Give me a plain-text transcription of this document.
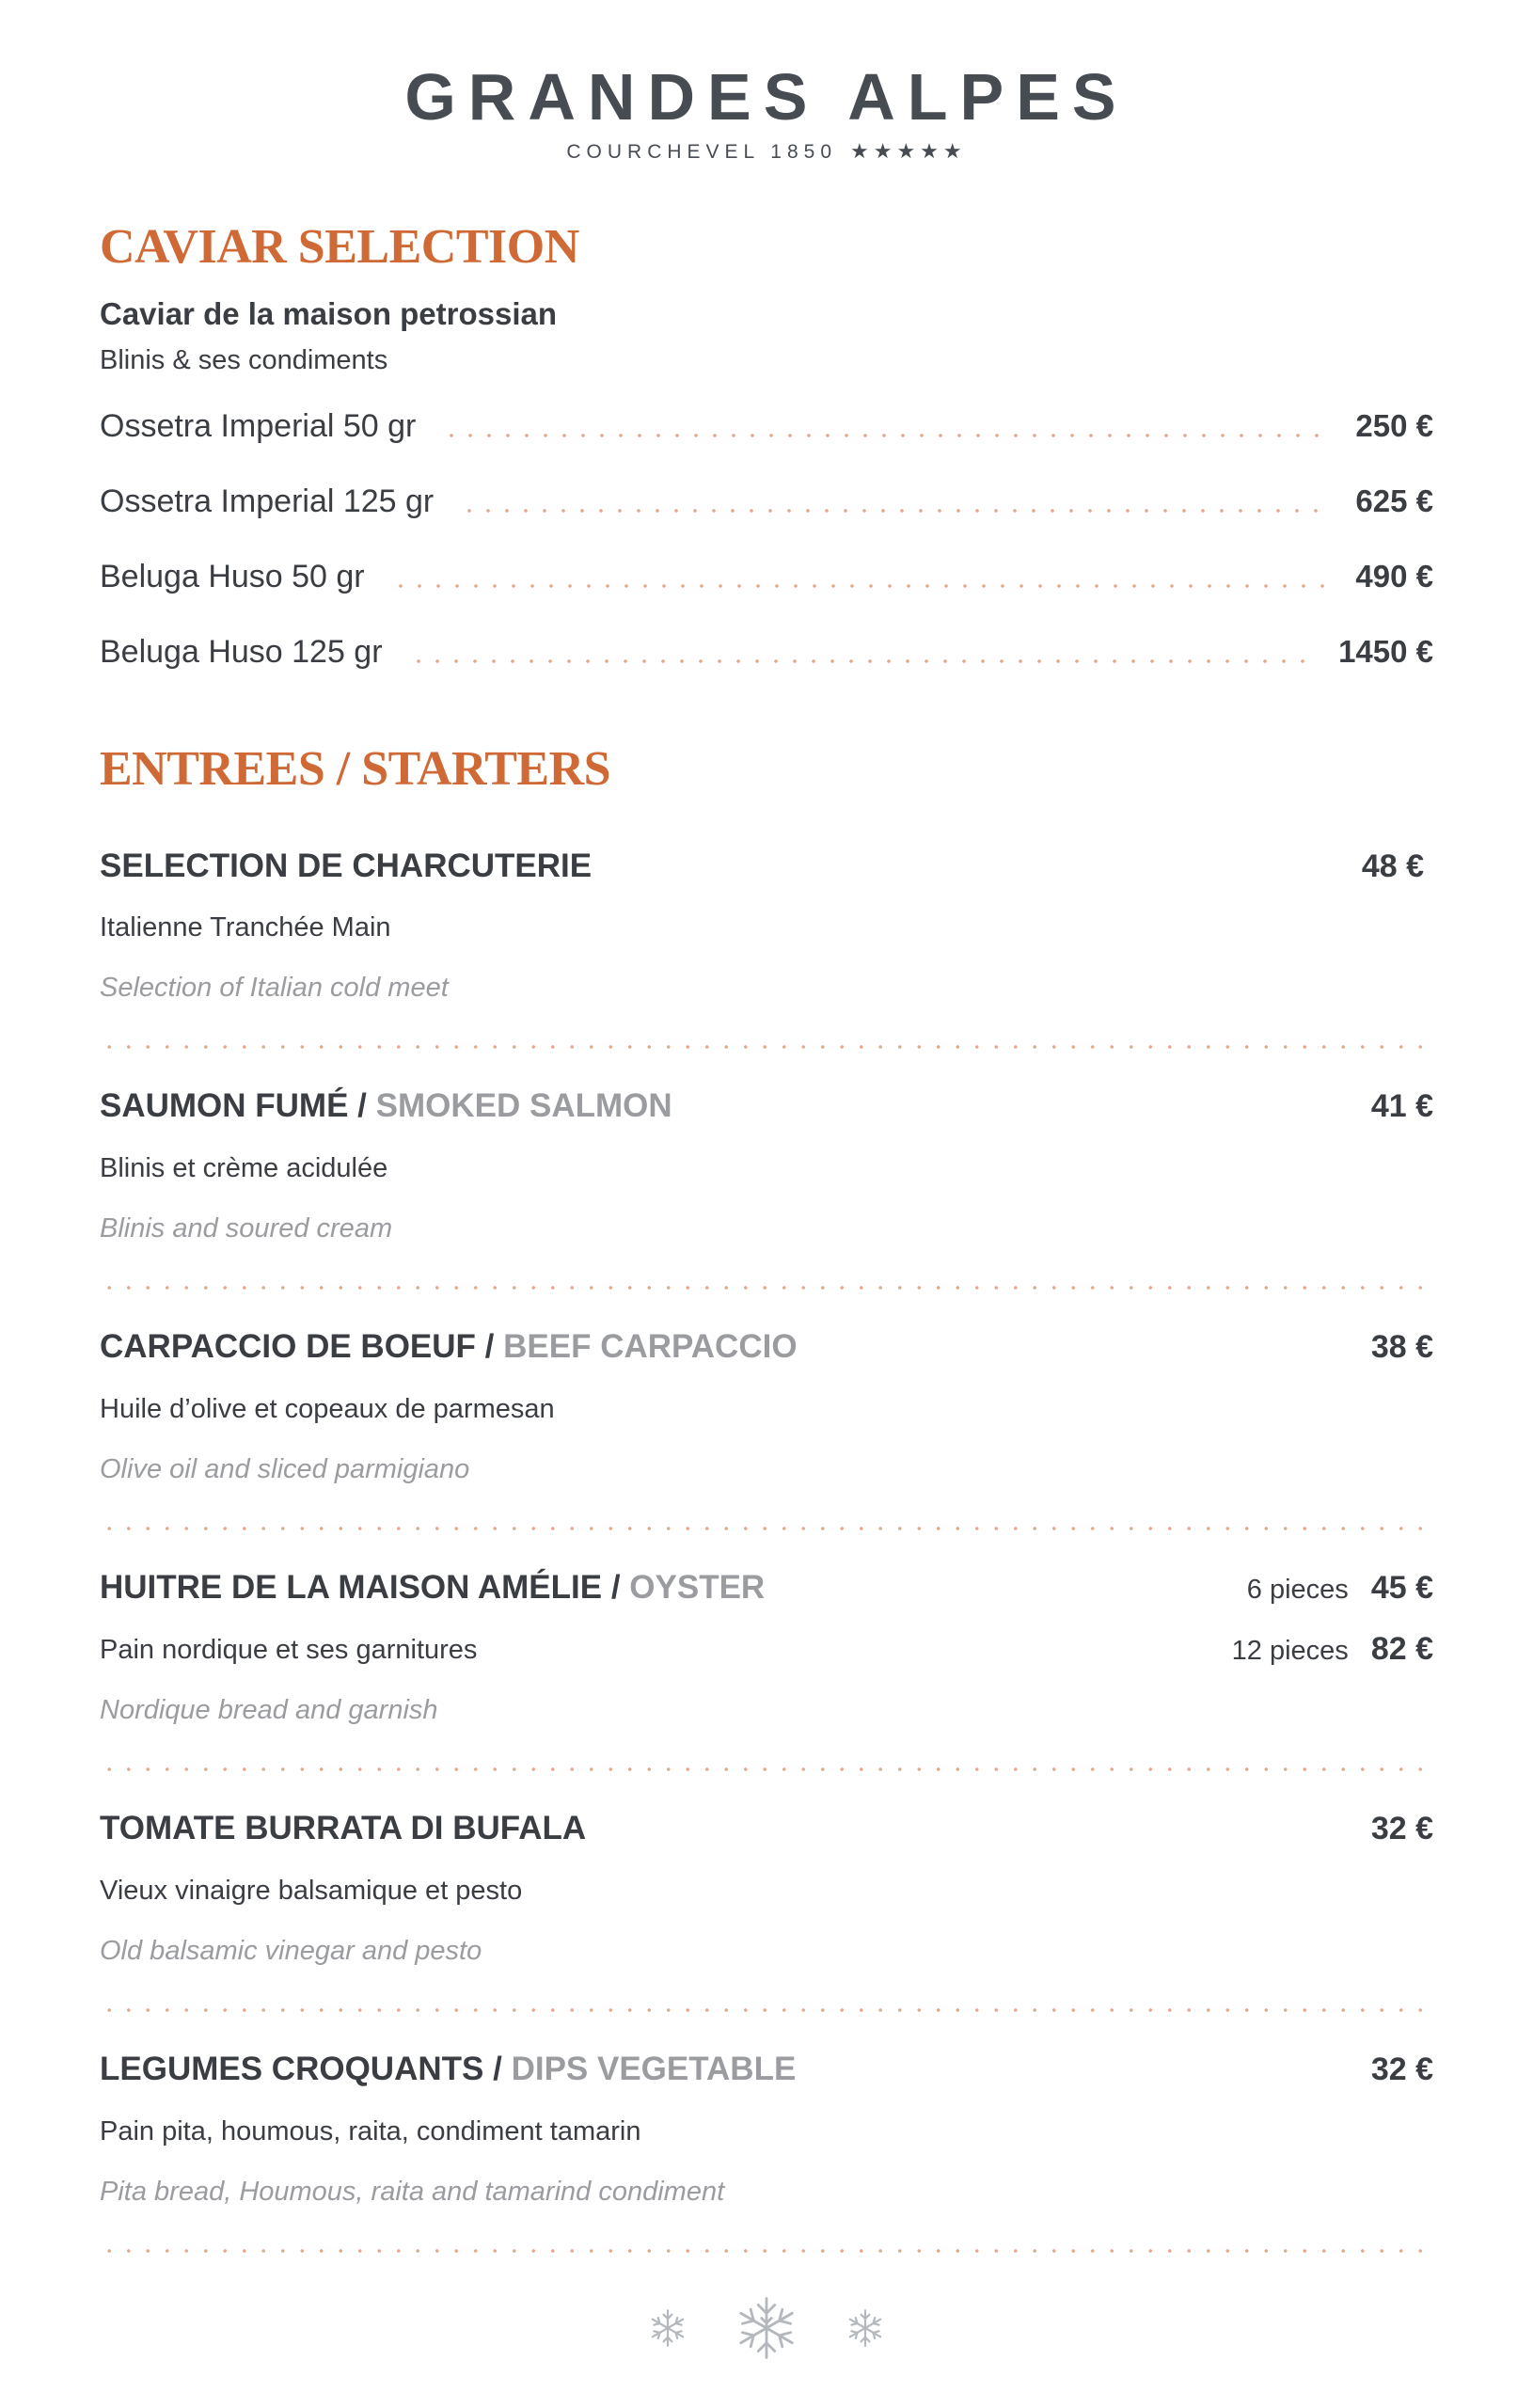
GRANDES ALPES
COURCHEVEL 1850 ★★★★★
CAVIAR SELECTION
Caviar de la maison petrossian
Blinis & ses condiments
Ossetra Imperial 50 gr	250 €
Ossetra Imperial 125 gr	625 €
Beluga Huso 50 gr	490 €
Beluga Huso 125 gr	1450 €
ENTREES / STARTERS
SELECTION DE CHARCUTERIE	48 €
Italienne Tranchée Main
Selection of Italian cold meet
SAUMON FUMÉ / SMOKED SALMON	41 €
Blinis et crème acidulée
Blinis and soured cream
CARPACCIO DE BOEUF / BEEF CARPACCIO	38 €
Huile d’olive et copeaux de parmesan
Olive oil and sliced parmigiano
HUITRE DE LA MAISON AMÉLIE / OYSTER	6 pieces 45 €
12 pieces 82 €
Pain nordique et ses garnitures
Nordique bread and garnish
TOMATE BURRATA DI BUFALA	32 €
Vieux vinaigre balsamique et pesto
Old balsamic vinegar and pesto
LEGUMES CROQUANTS / DIPS VEGETABLE	32 €
Pain pita, houmous, raita, condiment tamarin
Pita bread, Houmous, raita and tamarind condiment
